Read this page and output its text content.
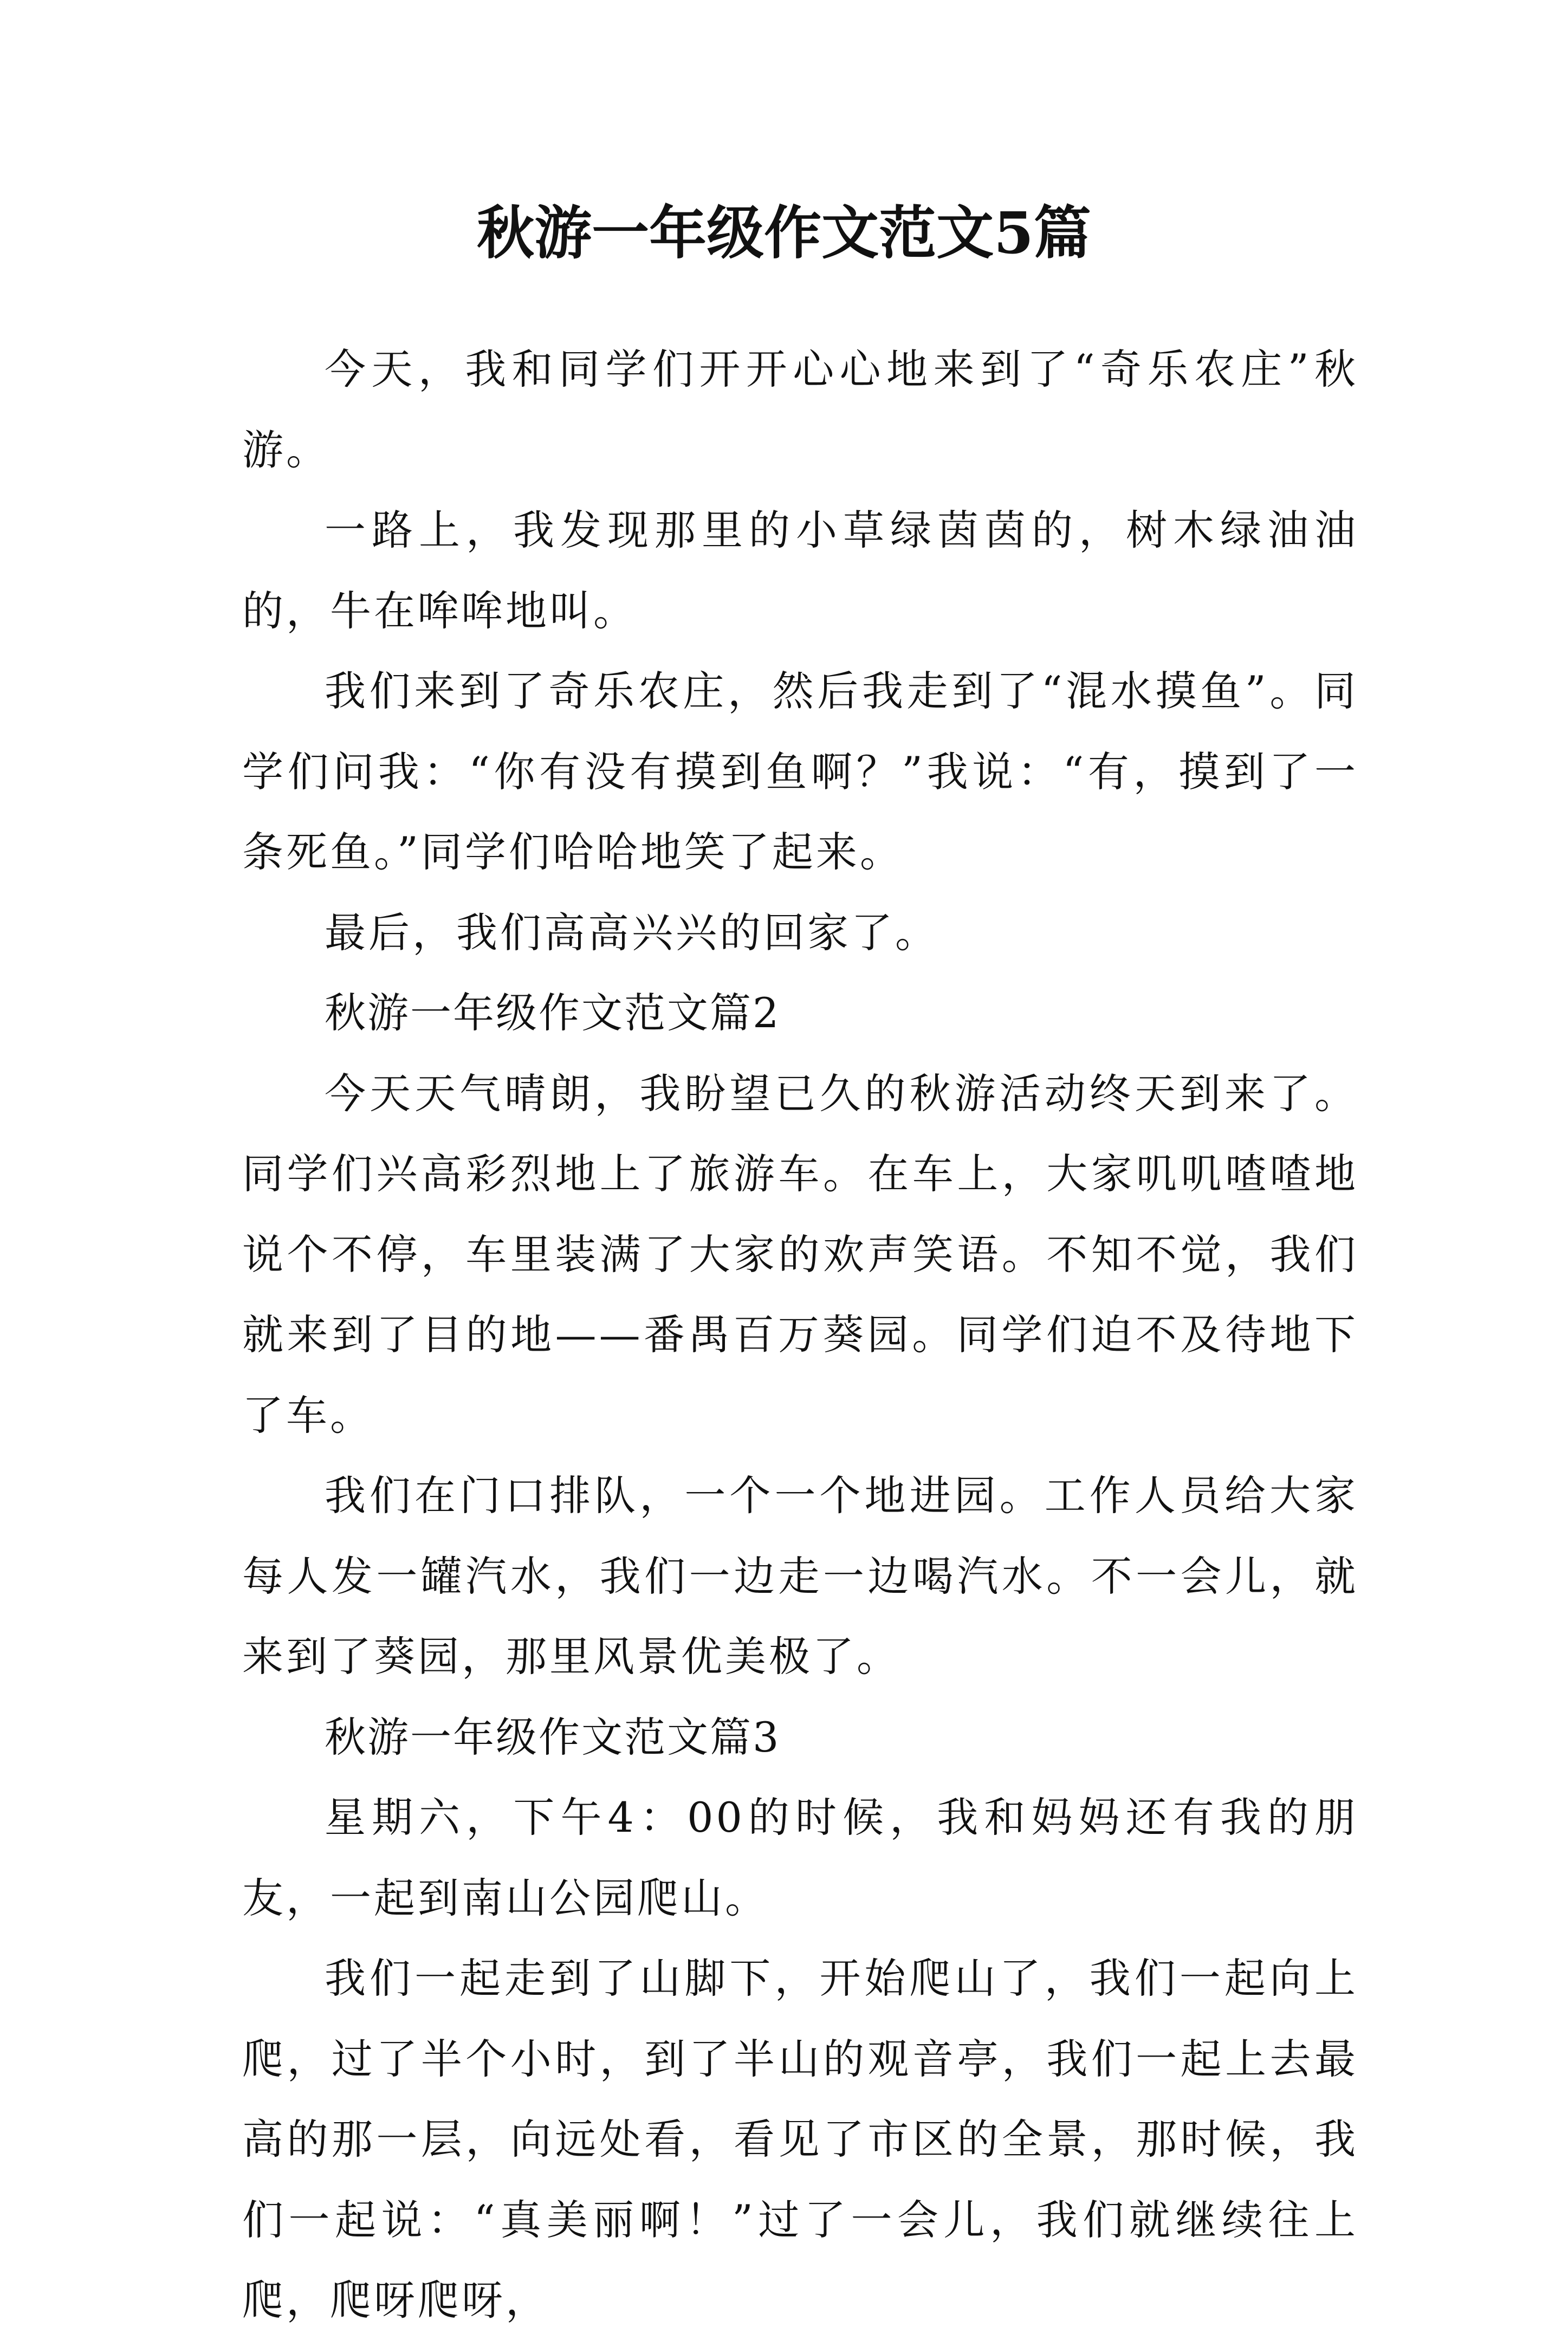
秋游一年级作文范文5篇

今天，我和同学们开开心心地来到了“奇乐农庄”秋游。

一路上，我发现那里的小草绿茵茵的，树木绿油油的，牛在哞哞地叫。

我们来到了奇乐农庄，然后我走到了“混水摸鱼”。同学们问我：“你有没有摸到鱼啊？”我说：“有，摸到了一条死鱼。”同学们哈哈地笑了起来。

最后，我们高高兴兴的回家了。

秋游一年级作文范文篇2

今天天气晴朗，我盼望已久的秋游活动终天到来了。同学们兴高彩烈地上了旅游车。在车上，大家叽叽喳喳地说个不停，车里装满了大家的欢声笑语。不知不觉，我们就来到了目的地——番禺百万葵园。同学们迫不及待地下了车。

我们在门口排队，一个一个地进园。工作人员给大家每人发一罐汽水，我们一边走一边喝汽水。不一会儿，就来到了葵园，那里风景优美极了。

秋游一年级作文范文篇3

星期六，下午4：00的时候，我和妈妈还有我的朋友，一起到南山公园爬山。

我们一起走到了山脚下，开始爬山了，我们一起向上爬，过了半个小时，到了半山的观音亭，我们一起上去最高的那一层，向远处看，看见了市区的全景，那时候，我们一起说：“真美丽啊！”过了一会儿，我们就继续往上爬，爬呀爬呀，
